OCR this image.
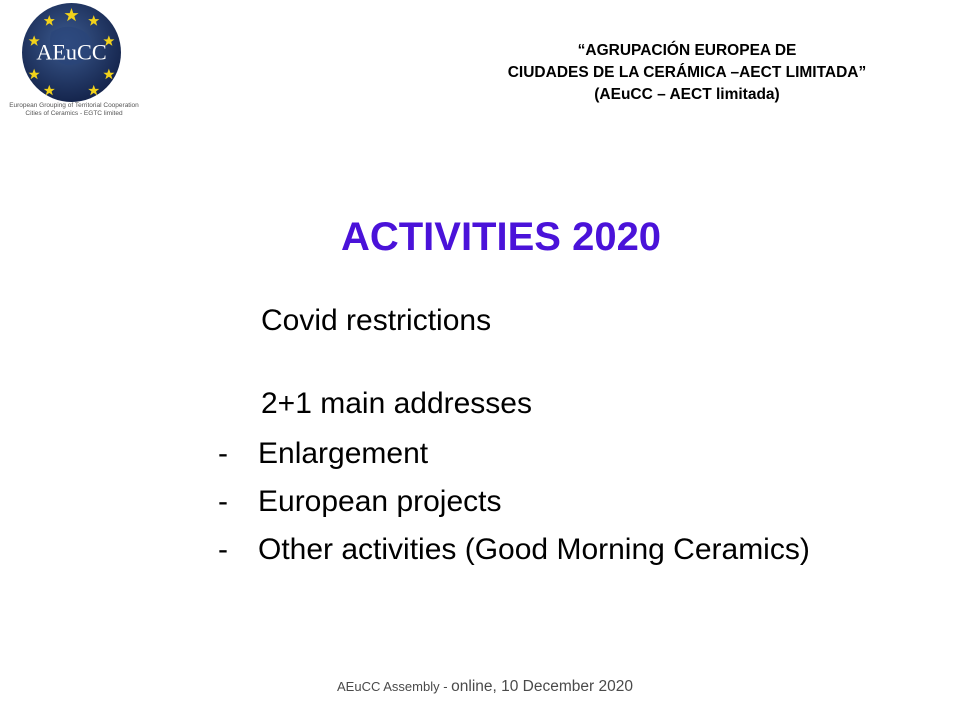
AEuCC
European Grouping of Territorial Cooperation
Cities of Ceramics - EGTC limited
“AGRUPACIÓN EUROPEA DE
CIUDADES DE LA CERÁMICA –AECT LIMITADA”
(AEuCC – AECT limitada)
ACTIVITIES 2020
Covid restrictions
2+1 main addresses
-	Enlargement
-	European projects
-	Other activities (Good Morning Ceramics)
AEuCC Assembly - online, 10 December 2020
